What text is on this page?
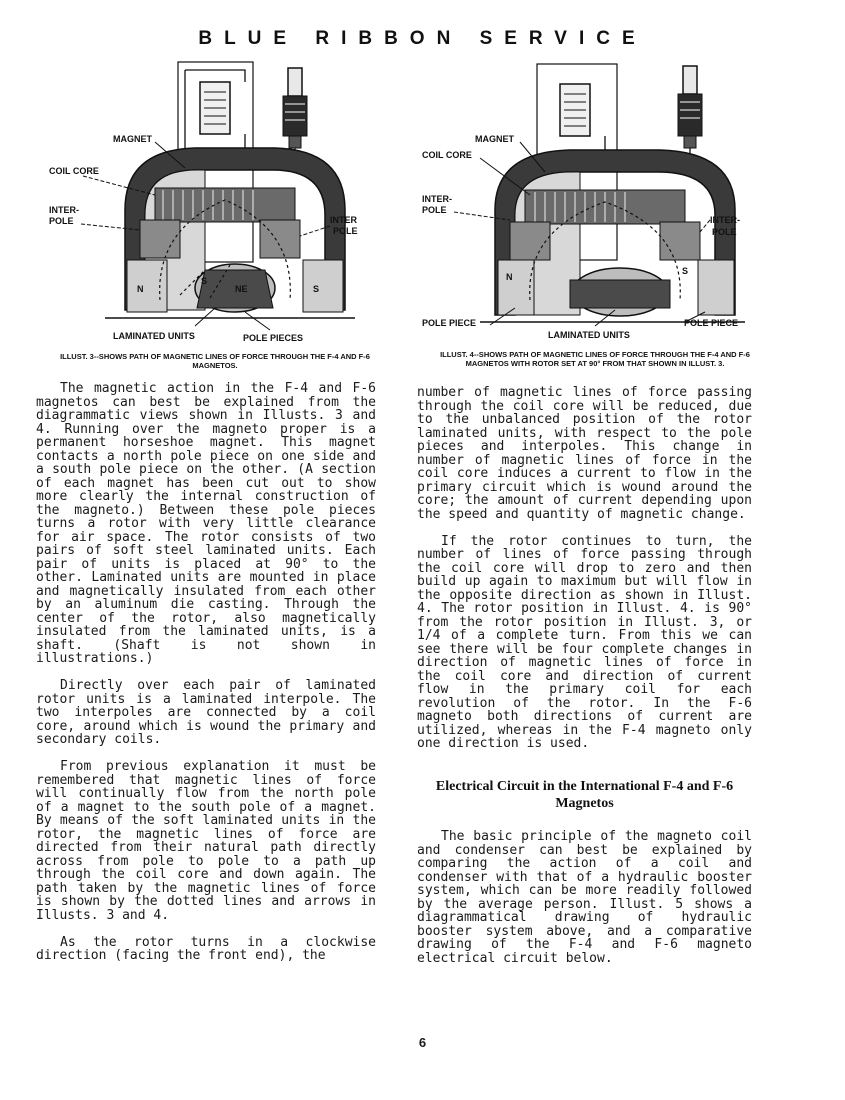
BLUE RIBBON SERVICE
MAGNET
COIL CORE
INTER-
POLE	INTER
POLE
N	NE
S
S
LAMINATED UNITS	POLE PIECES
ILLUST. 3--SHOWS PATH OF MAGNETIC LINES OF FORCE THROUGH THE F-4 AND F-6 MAGNETOS.
MAGNET
COIL CORE
INTER-
POLE
INTER-
POLE
N
S
POLE PIECE
LAMINATED UNITS
POLE PIECE
ILLUST. 4--SHOWS PATH OF MAGNETIC LINES OF FORCE THROUGH THE F-4 AND F-6 MAGNETOS WITH ROTOR SET AT 90° FROM THAT SHOWN IN ILLUST. 3.

The magnetic action in the F-4 and F-6 magnetos can best be explained from the diagrammatic views shown in Illusts. 3 and 4. Running over the magneto proper is a permanent horseshoe magnet. This magnet contacts a north pole piece on one side and a south pole piece on the other. (A section of each magnet has been cut out to show more clearly the internal construction of the magneto.) Between these pole pieces turns a rotor with very little clearance for air space. The rotor consists of two pairs of soft steel laminated units. Each pair of units is placed at 90° to the other. Laminated units are mounted in place and magnetically insulated from each other by an aluminum die casting. Through the center of the rotor, also magnetically insulated from the laminated units, is a shaft. (Shaft is not shown in illustrations.)

Directly over each pair of laminated rotor units is a laminated interpole. The two interpoles are connected by a coil core, around which is wound the primary and secondary coils.

From previous explanation it must be remembered that magnetic lines of force will continually flow from the north pole of a magnet to the south pole of a magnet. By means of the soft laminated units in the rotor, the magnetic lines of force are directed from their natural path directly across from pole to pole to a path up through the coil core and down again. The path taken by the magnetic lines of force is shown by the dotted lines and arrows in Illusts. 3 and 4.

As the rotor turns in a clockwise direction (facing the front end), the

number of magnetic lines of force passing through the coil core will be reduced, due to the unbalanced position of the rotor laminated units, with respect to the pole pieces and interpoles. This change in number of magnetic lines of force in the coil core induces a current to flow in the primary circuit which is wound around the core; the amount of current depending upon the speed and quantity of magnetic change.

If the rotor continues to turn, the number of lines of force passing through the coil core will drop to zero and then build up again to maximum but will flow in the opposite direction as shown in Illust. 4. The rotor position in Illust. 4. is 90° from the rotor position in Illust. 3, or 1/4 of a complete turn. From this we can see there will be four complete changes in direction of magnetic lines of force in the coil core and direction of current flow in the primary coil for each revolution of the rotor. In the F-6 magneto both directions of current are utilized, whereas in the F-4 magneto only one direction is used.

Electrical Circuit in the International F-4 and F-6 Magnetos

The basic principle of the magneto coil and condenser can best be explained by comparing the action of a coil and condenser with that of a hydraulic booster system, which can be more readily followed by the average person. Illust. 5 shows a diagrammatical drawing of hydraulic booster system above, and a comparative drawing of the F-4 and F-6 magneto electrical circuit below.

6
